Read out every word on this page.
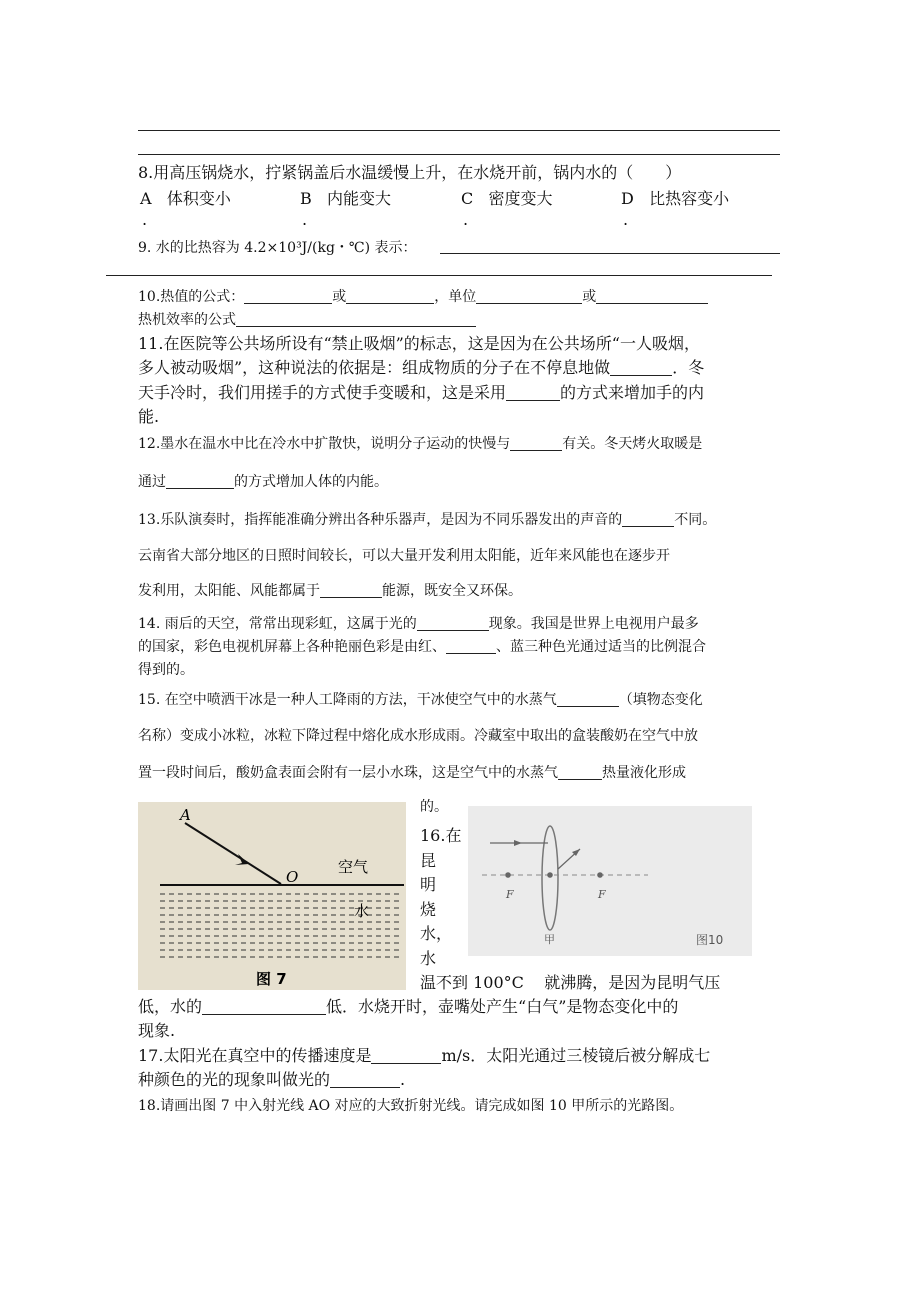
8.用高压锅烧水，拧紧锅盖后水温缓慢上升，在水烧开前，锅内水的（　　）
A 体积变小	B 内能变大	C 密度变大	D 比热容变小
.	.	.	.
9. 水的比热容为 4.2×10³J/(kg・℃) 表示：
10.热值的公式：	或	，单位	或
热机效率的公式
11.在医院等公共场所设有“禁止吸烟”的标志，这是因为在公共场所“一人吸烟，
多人被动吸烟”，这种说法的依据是：组成物质的分子在不停息地做	．冬
天手冷时，我们用搓手的方式使手变暖和，这是采用	的方式来增加手的内
能.
12.墨水在温水中比在冷水中扩散快，说明分子运动的快慢与	有关。冬天烤火取暖是
通过	的方式增加人体的内能。
13.乐队演奏时，指挥能准确分辨出各种乐器声，是因为不同乐器发出的声音的	不同。
云南省大部分地区的日照时间较长，可以大量开发利用太阳能，近年来风能也在逐步开
发利用，太阳能、风能都属于	能源，既安全又环保。
14. 雨后的天空，常常出现彩虹，这属于光的	现象。我国是世界上电视用户最多
的国家，彩色电视机屏幕上各种艳丽色彩是由红、	、蓝三种色光通过适当的比例混合
得到的。
15. 在空中喷洒干冰是一种人工降雨的方法，干冰使空气中的水蒸气	（填物态变化
名称）变成小冰粒，冰粒下降过程中熔化成水形成雨。冷藏室中取出的盒装酸奶在空气中放
置一段时间后，酸奶盒表面会附有一层小水珠，这是空气中的水蒸气	热量液化形成
的。
A
O
空气
水
图 7
16.在
昆
明
烧
水，
水
F	F
甲	图10
温不到 100°C 就沸腾，是因为昆明气压
低，水的	低．水烧开时，壶嘴处产生“白气”是物态变化中的
现象.
17.太阳光在真空中的传播速度是	m/s．太阳光通过三棱镜后被分解成七
种颜色的光的现象叫做光的	.
18.请画出图 7 中入射光线 AO 对应的大致折射光线。请完成如图 10 甲所示的光路图。
